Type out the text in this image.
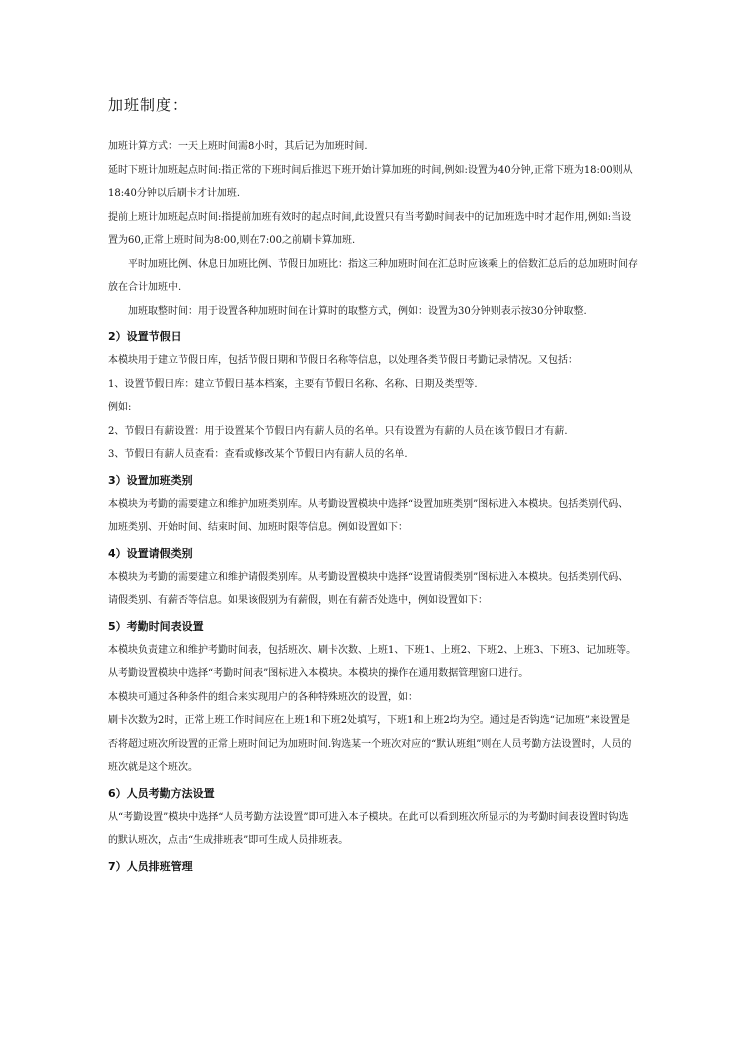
加班制度：

加班计算方式：一天上班时间需8小时，其后记为加班时间.

延时下班计加班起点时间:指正常的下班时间后推迟下班开始计算加班的时间,例如:设置为40分钟,正常下班为18:00则从18:40分钟以后刷卡才计加班.

提前上班计加班起点时间:指提前加班有效时的起点时间,此设置只有当考勤时间表中的记加班选中时才起作用,例如:当设置为60,正常上班时间为8:00,则在7:00之前刷卡算加班.

平时加班比例、休息日加班比例、节假日加班比：指这三种加班时间在汇总时应该乘上的倍数汇总后的总加班时间存放在合计加班中.

加班取整时间：用于设置各种加班时间在计算时的取整方式，例如：设置为30分钟则表示按30分钟取整.

2）设置节假日

本模块用于建立节假日库，包括节假日期和节假日名称等信息，以处理各类节假日考勤记录情况。又包括：

1、设置节假日库：建立节假日基本档案，主要有节假日名称、名称、日期及类型等.

例如:

2、节假日有薪设置：用于设置某个节假日内有薪人员的名单。只有设置为有薪的人员在该节假日才有薪.

3、节假日有薪人员查看：查看或修改某个节假日内有薪人员的名单.

3）设置加班类别

本模块为考勤的需要建立和维护加班类别库。从考勤设置模块中选择“设置加班类别”图标进入本模块。包括类别代码、加班类别、开始时间、结束时间、加班时限等信息。例如设置如下：

4）设置请假类别

本模块为考勤的需要建立和维护请假类别库。从考勤设置模块中选择“设置请假类别”图标进入本模块。包括类别代码、请假类别、有薪否等信息。如果该假别为有薪假，则在有薪否处选中，例如设置如下：

5）考勤时间表设置

本模块负责建立和维护考勤时间表，包括班次、刷卡次数、上班1、下班1、上班2、下班2、上班3、下班3、记加班等。从考勤设置模块中选择“考勤时间表”图标进入本模块。本模块的操作在通用数据管理窗口进行。

本模块可通过各种条件的组合来实现用户的各种特殊班次的设置，如：

刷卡次数为2时，正常上班工作时间应在上班1和下班2处填写，下班1和上班2均为空。通过是否钩选“记加班”来设置是否将超过班次所设置的正常上班时间记为加班时间.钩选某一个班次对应的“默认班组”则在人员考勤方法设置时，人员的班次就是这个班次。

6）人员考勤方法设置

从“考勤设置”模块中选择“人员考勤方法设置”即可进入本子模块。在此可以看到班次所显示的为考勤时间表设置时钩选的默认班次，点击“生成排班表”即可生成人员排班表。

7）人员排班管理
